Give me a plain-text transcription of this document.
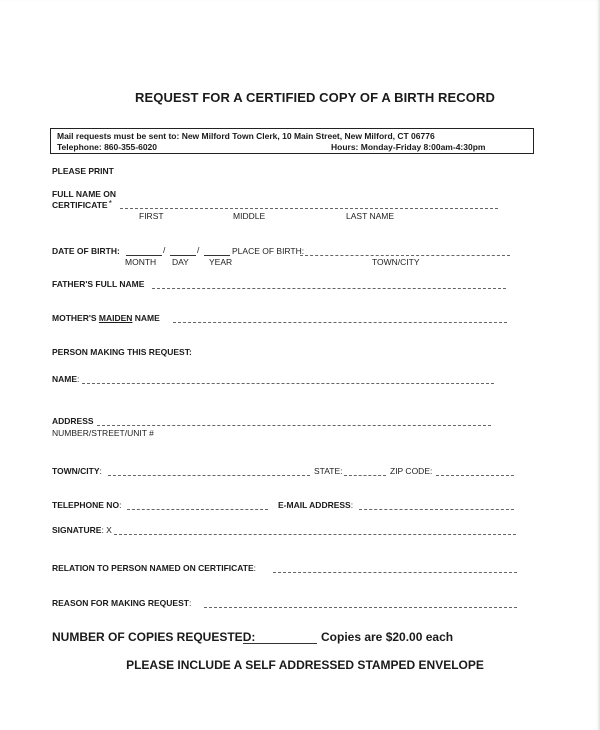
REQUEST FOR A CERTIFIED COPY OF A BIRTH RECORD
Mail requests must be sent to: New Milford Town Clerk, 10 Main Street, New Milford, CT 06776
Telephone: 860-355-6020	Hours: Monday-Friday 8:00am-4:30pm
PLEASE PRINT
FULL NAME ON
CERTIFICATE*
FIRST	MIDDLE	LAST NAME
DATE OF BIRTH:	/	/	PLACE OF BIRTH:
MONTH DAY YEAR	TOWN/CITY
FATHER'S FULL NAME
MOTHER'S MAIDEN NAME
PERSON MAKING THIS REQUEST:
NAME:
ADDRESS
NUMBER/STREET/UNIT #
TOWN/CITY:	STATE:	ZIP CODE:
TELEPHONE NO:	E-MAIL ADDRESS:
SIGNATURE: X
RELATION TO PERSON NAMED ON CERTIFICATE:
REASON FOR MAKING REQUEST:
NUMBER OF COPIES REQUESTED:	Copies are $20.00 each
PLEASE INCLUDE A SELF ADDRESSED STAMPED ENVELOPE
